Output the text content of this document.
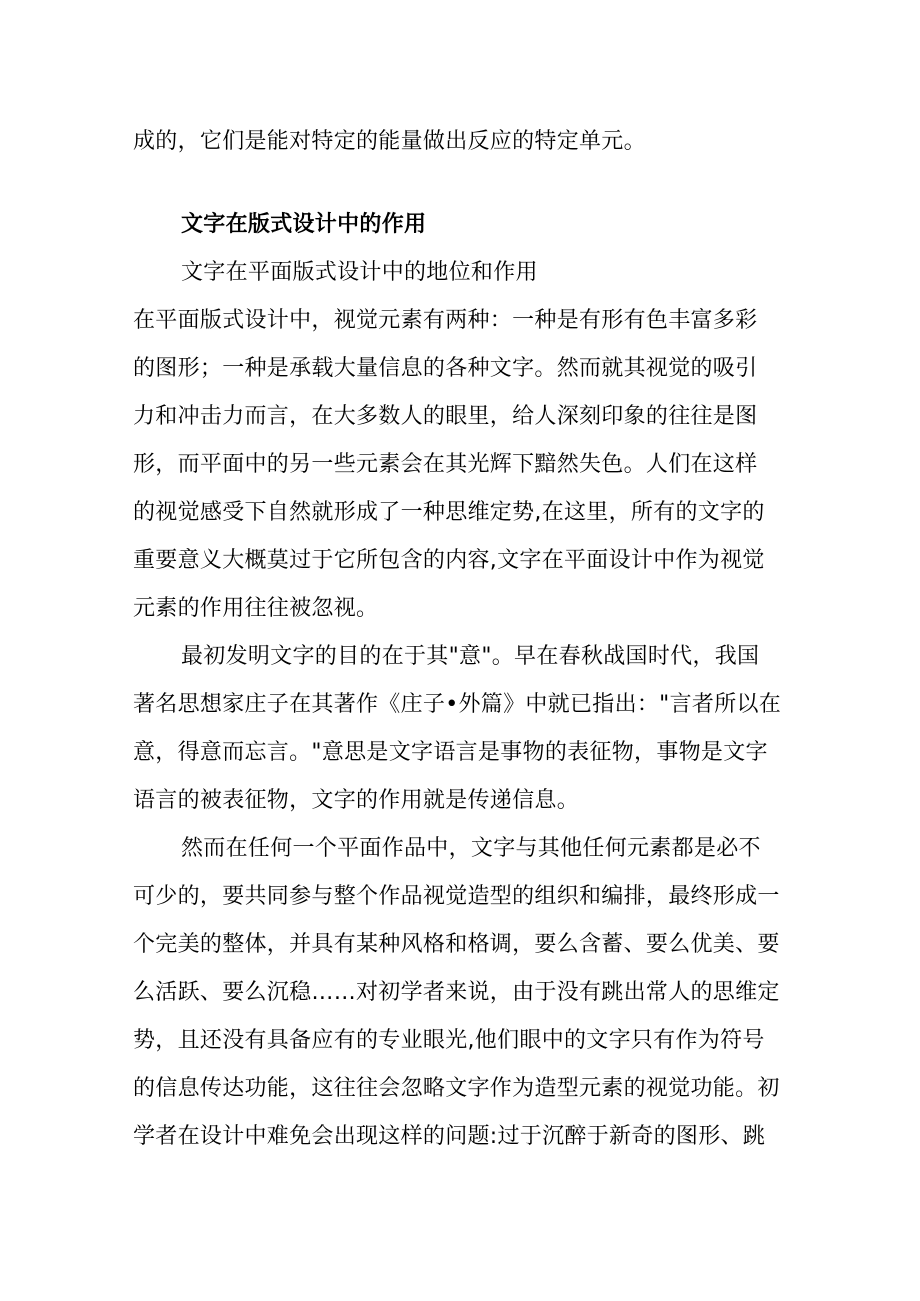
成的，它们是能对特定的能量做出反应的特定单元。
文字在版式设计中的作用
文字在平面版式设计中的地位和作用
在平面版式设计中，视觉元素有两种：一种是有形有色丰富多彩
的图形；一种是承载大量信息的各种文字。然而就其视觉的吸引
力和冲击力而言，在大多数人的眼里，给人深刻印象的往往是图
形，而平面中的另一些元素会在其光辉下黯然失色。人们在这样
的视觉感受下自然就形成了一种思维定势,在这里，所有的文字的
重要意义大概莫过于它所包含的内容,文字在平面设计中作为视觉
元素的作用往往被忽视。
最初发明文字的目的在于其"意"。早在春秋战国时代，我国
著名思想家庄子在其著作《庄子•外篇》中就已指出："言者所以在
意，得意而忘言。"意思是文字语言是事物的表征物，事物是文字
语言的被表征物，文字的作用就是传递信息。
然而在任何一个平面作品中，文字与其他任何元素都是必不
可少的，要共同参与整个作品视觉造型的组织和编排，最终形成一
个完美的整体，并具有某种风格和格调，要么含蓄、要么优美、要
么活跃、要么沉稳……对初学者来说，由于没有跳出常人的思维定
势，且还没有具备应有的专业眼光,他们眼中的文字只有作为符号
的信息传达功能，这往往会忽略文字作为造型元素的视觉功能。初
学者在设计中难免会出现这样的问题:过于沉醉于新奇的图形、跳
